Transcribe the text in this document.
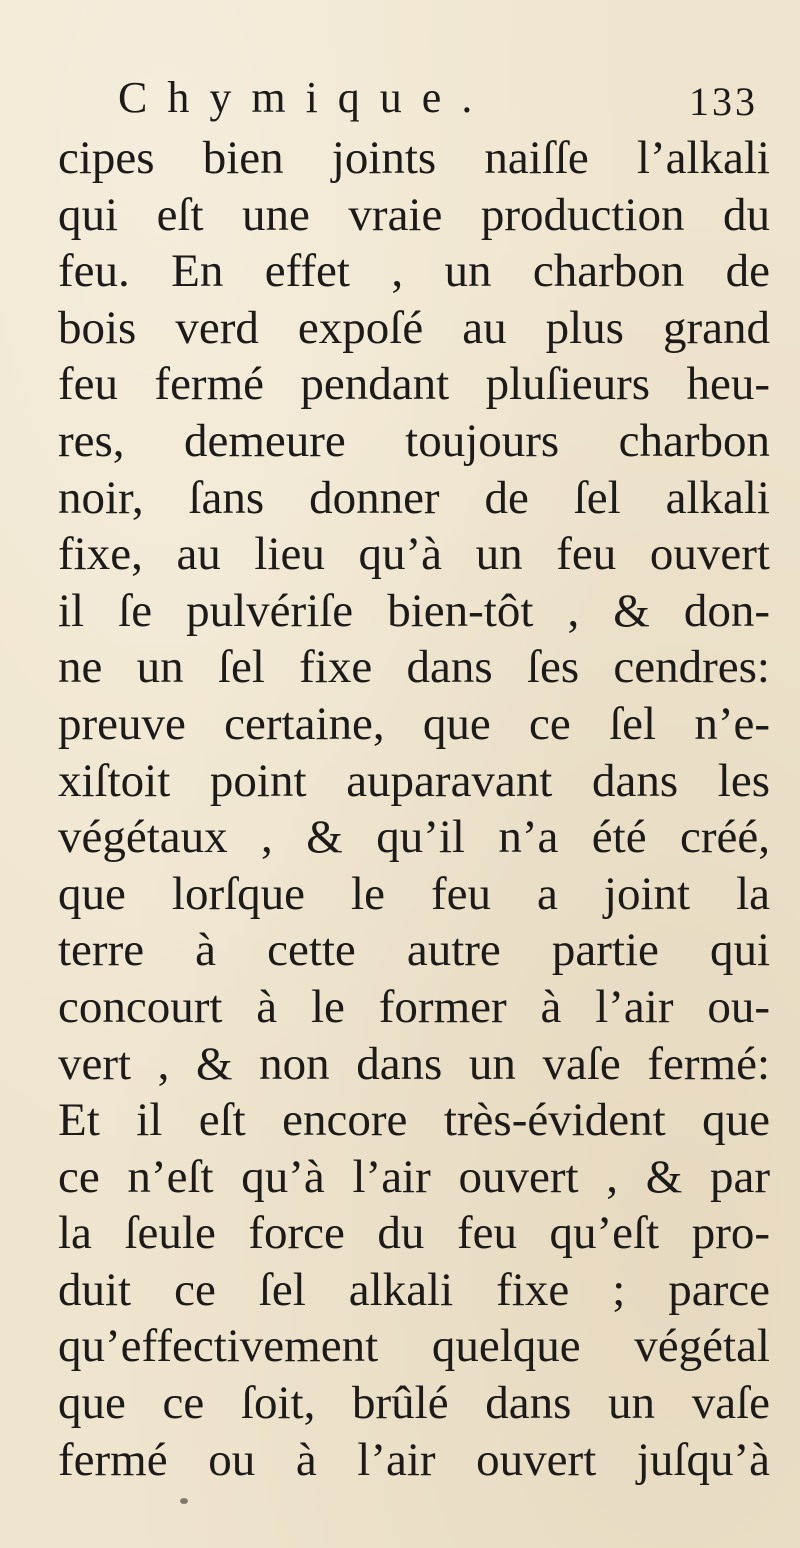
Chymique.	133
cipes bien joints naiſſe l’alkali
qui eſt une vraie production du
feu. En effet , un charbon de
bois verd expoſé au plus grand
feu fermé pendant pluſieurs heu-
res, demeure toujours charbon
noir, ſans donner de ſel alkali
fixe, au lieu qu’à un feu ouvert
il ſe pulvériſe bien-tôt , & don-
ne un ſel fixe dans ſes cendres:
preuve certaine, que ce ſel n’e-
xiſtoit point auparavant dans les
végétaux , & qu’il n’a été créé,
que lorſque le feu a joint la
terre à cette autre partie qui
concourt à le former à l’air ou-
vert , & non dans un vaſe fermé:
Et il eſt encore très-évident que
ce n’eſt qu’à l’air ouvert , & par
la ſeule force du feu qu’eſt pro-
duit ce ſel alkali fixe ; parce
qu’effectivement quelque végétal
que ce ſoit, brûlé dans un vaſe
fermé ou à l’air ouvert juſqu’à
